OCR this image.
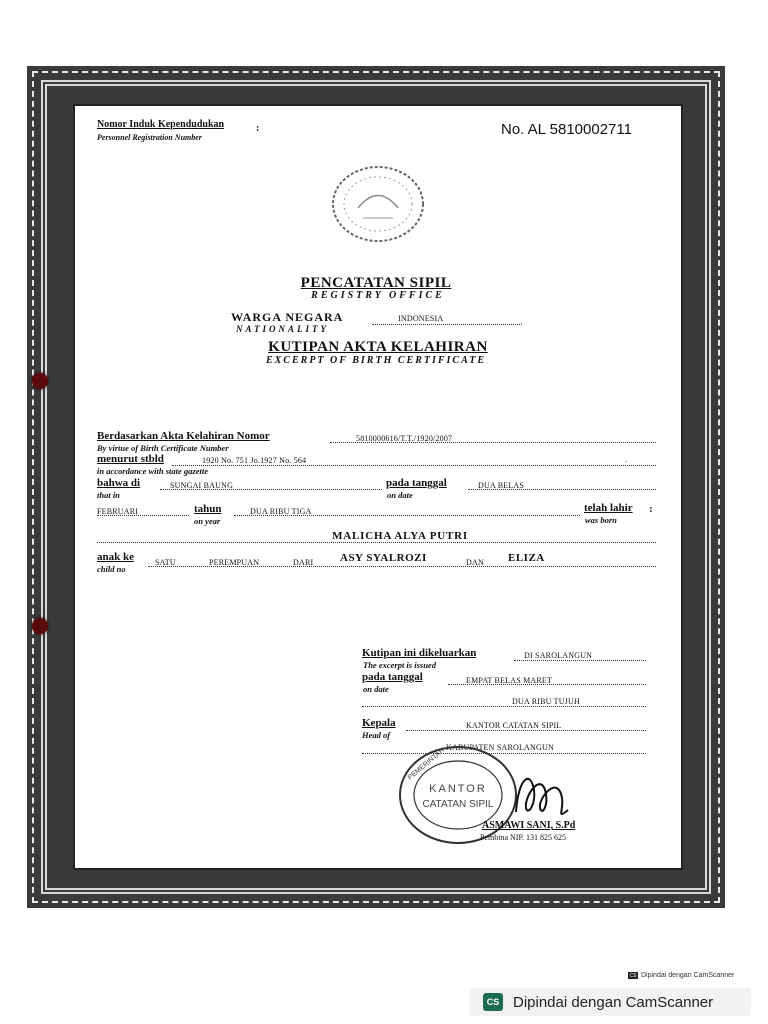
Nomor Induk Kependudukan	:
Personnel Registration Number	No. AL 5810002711
PENCATATAN SIPIL
REGISTRY OFFICE
WARGA NEGARA
NATIONALITY
INDONESIA
KUTIPAN AKTA KELAHIRAN
EXCERPT OF BIRTH CERTIFICATE
Berdasarkan Akta Kelahiran Nomor
By virtue of Birth Certificate Number
5810000616/T.T./1920/2007
menurut stbld
in accordance with state gazette
1920 No. 751 Jo.1927 No. 564	.
bahwa di
that in
SUNGAI BAUNG	pada tanggal
on date
DUA BELAS
FEBRUARI	tahun
on year
DUA RIBU TIGA	telah lahir :
was born
MALICHA ALYA PUTRI
anak ke
child no
SATU	PEREMPUAN	DARI ASY SYALROZI	DAN ELIZA
Kutipan ini dikeluarkan
The excerpt is issued
DI SAROLANGUN
pada tanggal
on date
EMPAT BELAS MARET
DUA RIBU TUJUH
Kepala
Head of
KANTOR CATATAN SIPIL
KABUPATEN SAROLANGUN
KANTOR
CATATAN SIPIL
PEMERINTAH
ASMAWI SANI, S.Pd
Pembina NIP. 131 825 625
CS Dipindai dengan CamScanner
CS Dipindai dengan CamScanner
